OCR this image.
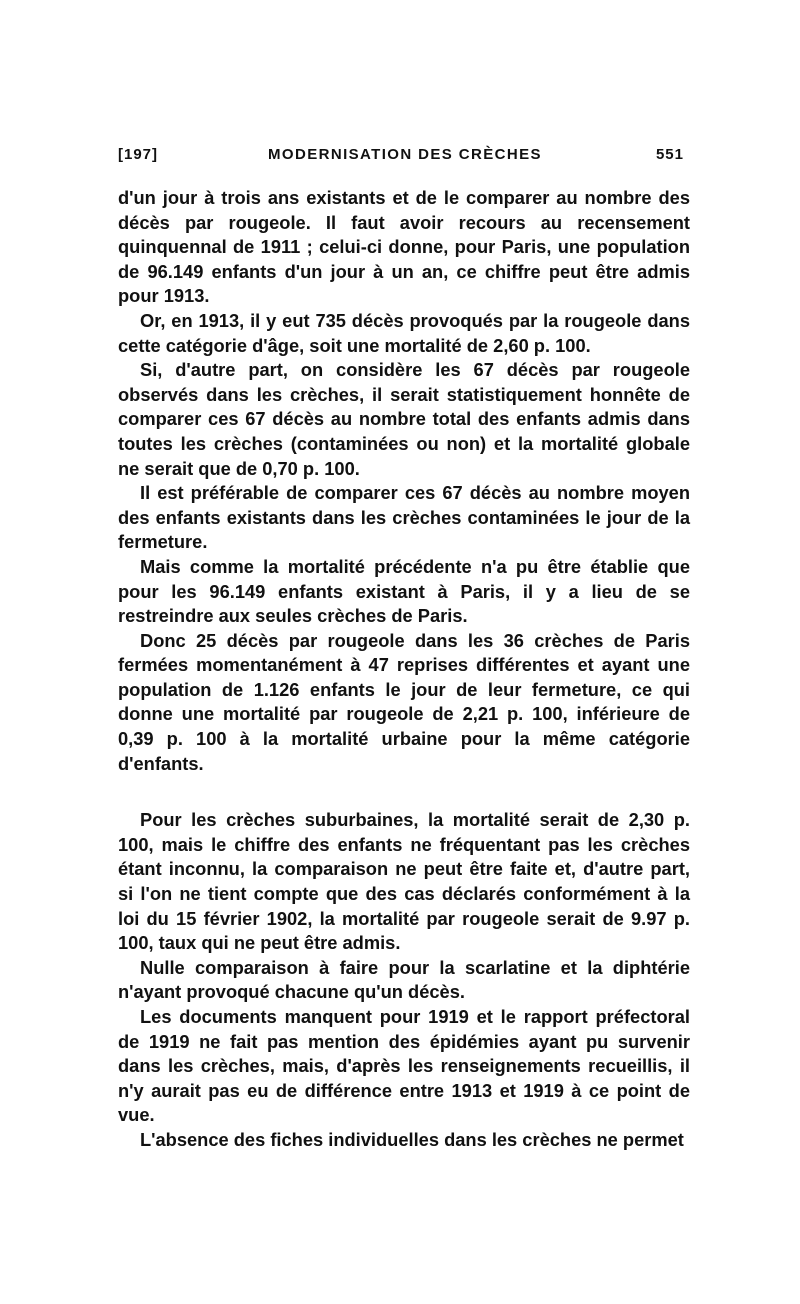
[197]	MODERNISATION DES CRÈCHES	551

d'un jour à trois ans existants et de le comparer au nombre des décès par rougeole. Il faut avoir recours au recensement quinquennal de 1911 ; celui-ci donne, pour Paris, une population de 96.149 enfants d'un jour à un an, ce chiffre peut être admis pour 1913.

Or, en 1913, il y eut 735 décès provoqués par la rougeole dans cette catégorie d'âge, soit une mortalité de 2,60 p. 100.

Si, d'autre part, on considère les 67 décès par rougeole observés dans les crèches, il serait statistiquement honnête de comparer ces 67 décès au nombre total des enfants admis dans toutes les crèches (contaminées ou non) et la mortalité globale ne serait que de 0,70 p. 100.

Il est préférable de comparer ces 67 décès au nombre moyen des enfants existants dans les crèches contaminées le jour de la fermeture.

Mais comme la mortalité précédente n'a pu être établie que pour les 96.149 enfants existant à Paris, il y a lieu de se restreindre aux seules crèches de Paris.

Donc 25 décès par rougeole dans les 36 crèches de Paris fermées momentanément à 47 reprises différentes et ayant une population de 1.126 enfants le jour de leur fermeture, ce qui donne une mortalité par rougeole de 2,21 p. 100, inférieure de 0,39 p. 100 à la mortalité urbaine pour la même catégorie d'enfants.

Pour les crèches suburbaines, la mortalité serait de 2,30 p. 100, mais le chiffre des enfants ne fréquentant pas les crèches étant inconnu, la comparaison ne peut être faite et, d'autre part, si l'on ne tient compte que des cas déclarés conformément à la loi du 15 février 1902, la mortalité par rougeole serait de 9.97 p. 100, taux qui ne peut être admis.

Nulle comparaison à faire pour la scarlatine et la diphtérie n'ayant provoqué chacune qu'un décès.

Les documents manquent pour 1919 et le rapport préfectoral de 1919 ne fait pas mention des épidémies ayant pu survenir dans les crèches, mais, d'après les renseignements recueillis, il n'y aurait pas eu de différence entre 1913 et 1919 à ce point de vue.

L'absence des fiches individuelles dans les crèches ne permet
